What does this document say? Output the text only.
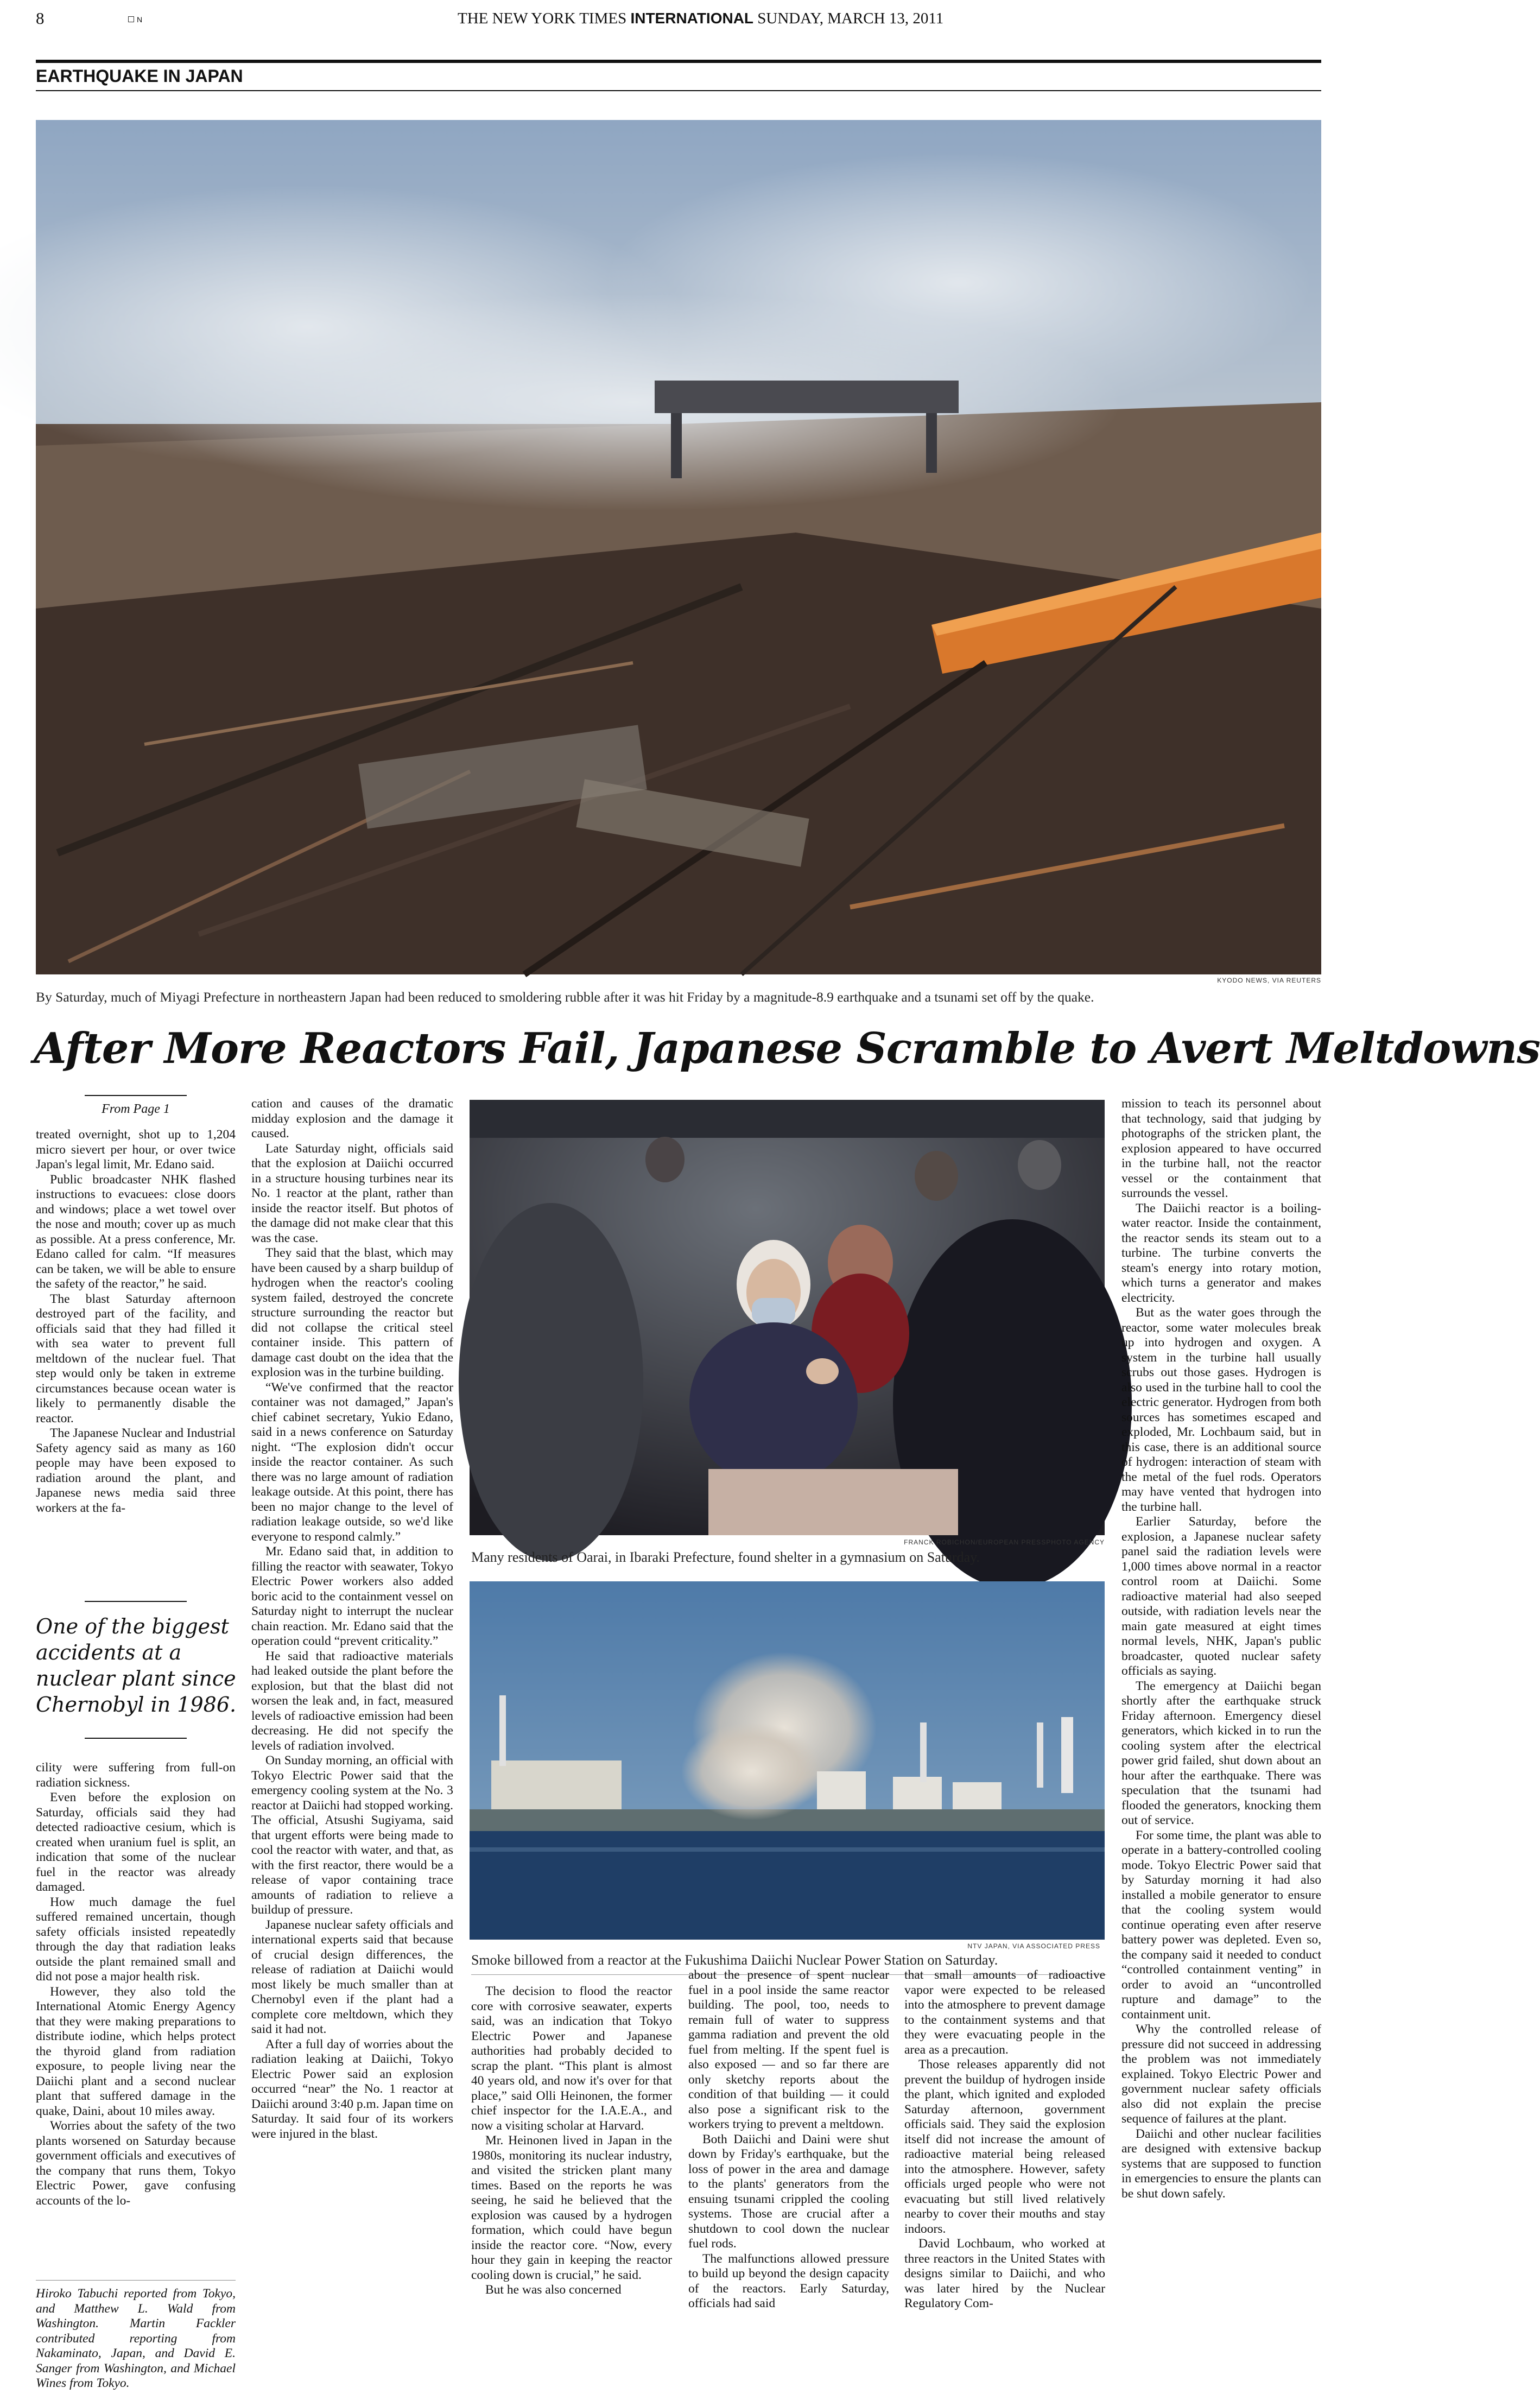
8	N	THE NEW YORK TIMES INTERNATIONAL SUNDAY, MARCH 13, 2011
EARTHQUAKE IN JAPAN
KYODO NEWS, VIA REUTERS
By Saturday, much of Miyagi Prefecture in northeastern Japan had been reduced to smoldering rubble after it was hit Friday by a magnitude-8.9 earthquake and a tsunami set off by the quake.
After More Reactors Fail, Japanese Scramble to Avert Meltdowns
From Page 1

treated overnight, shot up to 1,204 micro sievert per hour, or over twice Japan's legal limit, Mr. Edano said.

Public broadcaster NHK flashed instructions to evacuees: close doors and windows; place a wet towel over the nose and mouth; cover up as much as possible. At a press conference, Mr. Edano called for calm. “If measures can be taken, we will be able to ensure the safety of the reactor,” he said.

The blast Saturday afternoon destroyed part of the facility, and officials said that they had filled it with sea water to prevent full meltdown of the nuclear fuel. That step would only be taken in extreme circumstances because ocean water is likely to permanently disable the reactor.

The Japanese Nuclear and Industrial Safety agency said as many as 160 people may have been exposed to radiation around the plant, and Japanese news media said three workers at the fa-

One of the biggest accidents at a nuclear plant since Chernobyl in 1986.

cility were suffering from full-on radiation sickness.

Even before the explosion on Saturday, officials said they had detected radioactive cesium, which is created when uranium fuel is split, an indication that some of the nuclear fuel in the reactor was already damaged.

How much damage the fuel suffered remained uncertain, though safety officials insisted repeatedly through the day that radiation leaks outside the plant remained small and did not pose a major health risk.

However, they also told the International Atomic Energy Agency that they were making preparations to distribute iodine, which helps protect the thyroid gland from radiation exposure, to people living near the Daiichi plant and a second nuclear plant that suffered damage in the quake, Daini, about 10 miles away.

Worries about the safety of the two plants worsened on Saturday because government officials and executives of the company that runs them, Tokyo Electric Power, gave confusing accounts of the lo-

Hiroko Tabuchi reported from Tokyo, and Matthew L. Wald from Washington. Martin Fackler contributed reporting from Nakaminato, Japan, and David E. Sanger from Washington, and Michael Wines from Tokyo.

cation and causes of the dramatic midday explosion and the damage it caused.

Late Saturday night, officials said that the explosion at Daiichi occurred in a structure housing turbines near its No. 1 reactor at the plant, rather than inside the reactor itself. But photos of the damage did not make clear that this was the case.

They said that the blast, which may have been caused by a sharp buildup of hydrogen when the reactor's cooling system failed, destroyed the concrete structure surrounding the reactor but did not collapse the critical steel container inside. This pattern of damage cast doubt on the idea that the explosion was in the turbine building.

“We've confirmed that the reactor container was not damaged,” Japan's chief cabinet secretary, Yukio Edano, said in a news conference on Saturday night. “The explosion didn't occur inside the reactor container. As such there was no large amount of radiation leakage outside. At this point, there has been no major change to the level of radiation leakage outside, so we'd like everyone to respond calmly.”

Mr. Edano said that, in addition to filling the reactor with seawater, Tokyo Electric Power workers also added boric acid to the containment vessel on Saturday night to interrupt the nuclear chain reaction. Mr. Edano said that the operation could “prevent criticality.”

He said that radioactive materials had leaked outside the plant before the explosion, but that the blast did not worsen the leak and, in fact, measured levels of radioactive emission had been decreasing. He did not specify the levels of radiation involved.

On Sunday morning, an official with Tokyo Electric Power said that the emergency cooling system at the No. 3 reactor at Daiichi had stopped working. The official, Atsushi Sugiyama, said that urgent efforts were being made to cool the reactor with water, and that, as with the first reactor, there would be a release of vapor containing trace amounts of radiation to relieve a buildup of pressure.

Japanese nuclear safety officials and international experts said that because of crucial design differences, the release of radiation at Daiichi would most likely be much smaller than at Chernobyl even if the plant had a complete core meltdown, which they said it had not.

After a full day of worries about the radiation leaking at Daiichi, Tokyo Electric Power said an explosion occurred “near” the No. 1 reactor at Daiichi around 3:40 p.m. Japan time on Saturday. It said four of its workers were injured in the blast.

FRANCK ROBICHON/EUROPEAN PRESSPHOTO AGENCY
Many residents of Oarai, in Ibaraki Prefecture, found shelter in a gymnasium on Saturday.
NTV JAPAN, VIA ASSOCIATED PRESS
Smoke billowed from a reactor at the Fukushima Daiichi Nuclear Power Station on Saturday.

The decision to flood the reactor core with corrosive seawater, experts said, was an indication that Tokyo Electric Power and Japanese authorities had probably decided to scrap the plant. “This plant is almost 40 years old, and now it's over for that place,” said Olli Heinonen, the former chief inspector for the I.A.E.A., and now a visiting scholar at Harvard.

Mr. Heinonen lived in Japan in the 1980s, monitoring its nuclear industry, and visited the stricken plant many times. Based on the reports he was seeing, he said he believed that the explosion was caused by a hydrogen formation, which could have begun inside the reactor core. “Now, every hour they gain in keeping the reactor cooling down is crucial,” he said.

But he was also concerned

about the presence of spent nuclear fuel in a pool inside the same reactor building. The pool, too, needs to remain full of water to suppress gamma radiation and prevent the old fuel from melting. If the spent fuel is also exposed — and so far there are only sketchy reports about the condition of that building — it could also pose a significant risk to the workers trying to prevent a meltdown.

Both Daiichi and Daini were shut down by Friday's earthquake, but the loss of power in the area and damage to the plants' generators from the ensuing tsunami crippled the cooling systems. Those are crucial after a shutdown to cool down the nuclear fuel rods.

The malfunctions allowed pressure to build up beyond the design capacity of the reactors. Early Saturday, officials had said

that small amounts of radioactive vapor were expected to be released into the atmosphere to prevent damage to the containment systems and that they were evacuating people in the area as a precaution.

Those releases apparently did not prevent the buildup of hydrogen inside the plant, which ignited and exploded Saturday afternoon, government officials said. They said the explosion itself did not increase the amount of radioactive material being released into the atmosphere. However, safety officials urged people who were not evacuating but still lived relatively nearby to cover their mouths and stay indoors.

David Lochbaum, who worked at three reactors in the United States with designs similar to Daiichi, and who was later hired by the Nuclear Regulatory Com-

mission to teach its personnel about that technology, said that judging by photographs of the stricken plant, the explosion appeared to have occurred in the turbine hall, not the reactor vessel or the containment that surrounds the vessel.

The Daiichi reactor is a boiling-water reactor. Inside the containment, the reactor sends its steam out to a turbine. The turbine converts the steam's energy into rotary motion, which turns a generator and makes electricity.

But as the water goes through the reactor, some water molecules break up into hydrogen and oxygen. A system in the turbine hall usually scrubs out those gases. Hydrogen is also used in the turbine hall to cool the electric generator. Hydrogen from both sources has sometimes escaped and exploded, Mr. Lochbaum said, but in this case, there is an additional source of hydrogen: interaction of steam with the metal of the fuel rods. Operators may have vented that hydrogen into the turbine hall.

Earlier Saturday, before the explosion, a Japanese nuclear safety panel said the radiation levels were 1,000 times above normal in a reactor control room at Daiichi. Some radioactive material had also seeped outside, with radiation levels near the main gate measured at eight times normal levels, NHK, Japan's public broadcaster, quoted nuclear safety officials as saying.

The emergency at Daiichi began shortly after the earthquake struck Friday afternoon. Emergency diesel generators, which kicked in to run the cooling system after the electrical power grid failed, shut down about an hour after the earthquake. There was speculation that the tsunami had flooded the generators, knocking them out of service.

For some time, the plant was able to operate in a battery-controlled cooling mode. Tokyo Electric Power said that by Saturday morning it had also installed a mobile generator to ensure that the cooling system would continue operating even after reserve battery power was depleted. Even so, the company said it needed to conduct “controlled containment venting” in order to avoid an “uncontrolled rupture and damage” to the containment unit.

Why the controlled release of pressure did not succeed in addressing the problem was not immediately explained. Tokyo Electric Power and government nuclear safety officials also did not explain the precise sequence of failures at the plant.

Daiichi and other nuclear facilities are designed with extensive backup systems that are supposed to function in emergencies to ensure the plants can be shut down safely.
